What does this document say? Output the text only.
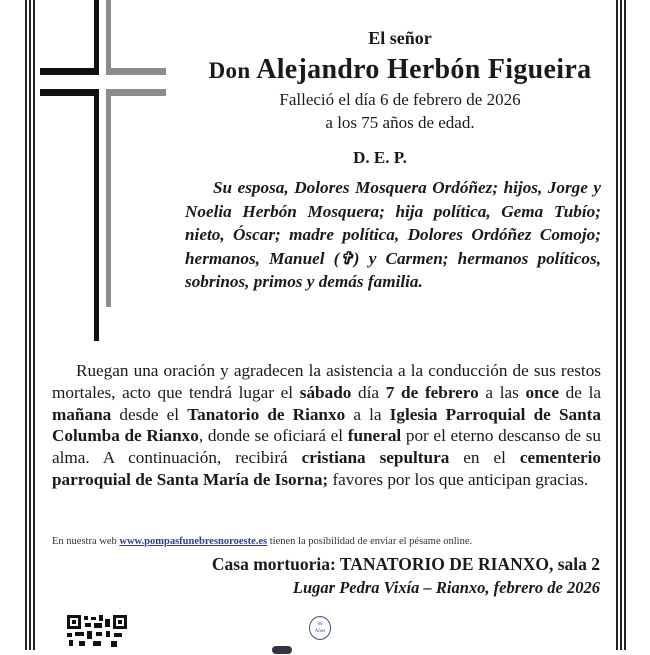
El señor
Don Alejandro Herbón Figueira
Falleció el día 6 de febrero de 2026
a los 75 años de edad.
D. E. P.
Su esposa, Dolores Mosquera Ordóñez; hijos, Jorge y Noelia Herbón Mosquera; hija política, Gema Tubío; nieto, Óscar; madre política, Dolores Ordóñez Comojo; hermanos, Manuel (✞) y Carmen; hermanos políticos, sobrinos, primos y demás familia.
Ruegan una oración y agradecen la asistencia a la conducción de sus restos mortales, acto que tendrá lugar el sábado día 7 de febrero a las once de la mañana desde el Tanatorio de Rianxo a la Iglesia Parroquial de Santa Columba de Rianxo, donde se oficiará el funeral por el eterno descanso de su alma. A continuación, recibirá cristiana sepultura en el cementerio parroquial de Santa María de Isorna; favores por los que anticipan gracias.
En nuestra web www.pompasfunebresnoroeste.es tienen la posibilidad de enviar el pésame online.
Casa mortuoria: TANATORIO DE RIANXO, sala 2
Lugar Pedra Vixía – Rianxo, febrero de 2026
80
Años
